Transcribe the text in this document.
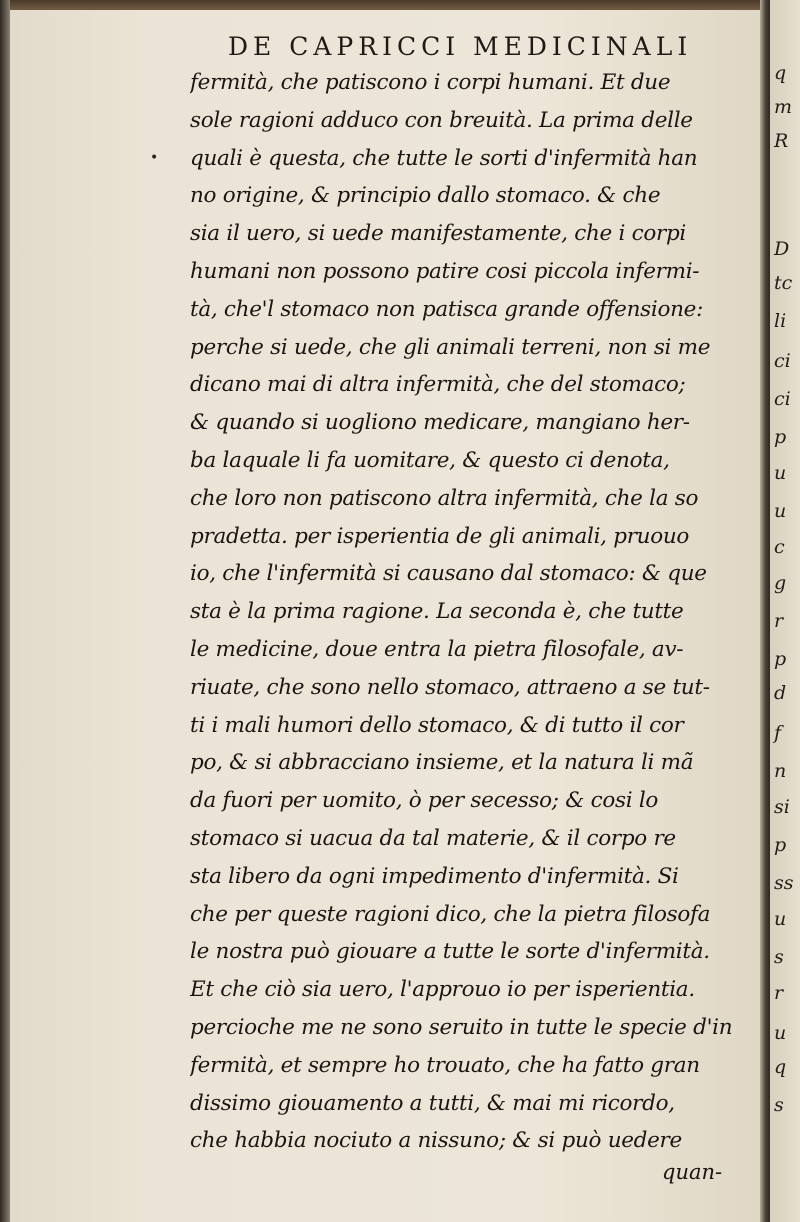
DE CAPRICCI MEDICINALI
•
fermità, che patiscono i corpi humani. Et due
sole ragioni adduco con breuità. La prima delle
quali è questa, che tutte le sorti d'infermità han
no origine, & principio dallo stomaco. & che
sia il uero, si uede manifestamente, che i corpi
humani non possono patire cosi piccola infermi-
tà, che'l stomaco non patisca grande offensione:
perche si uede, che gli animali terreni, non si me
dicano mai di altra infermità, che del stomaco;
& quando si uogliono medicare, mangiano her-
ba laquale li fa uomitare, & questo ci denota,
che loro non patiscono altra infermità, che la so
pradetta. per isperientia de gli animali, pruouo
io, che l'infermità si causano dal stomaco: & que
sta è la prima ragione. La seconda è, che tutte
le medicine, doue entra la pietra filosofale, av-
riuate, che sono nello stomaco, attraeno a se tut-
ti i mali humori dello stomaco, & di tutto il cor
po, & si abbracciano insieme, et la natura li mã
da fuori per uomito, ò per secesso; & cosi lo
stomaco si uacua da tal materie, & il corpo re
sta libero da ogni impedimento d'infermità. Si
che per queste ragioni dico, che la pietra filosofa
le nostra può giouare a tutte le sorte d'infermità.
Et che ciò sia uero, l'approuo io per isperientia.
percioche me ne sono seruito in tutte le specie d'in
fermità, et sempre ho trouato, che ha fatto gran
dissimo giouamento a tutti, & mai mi ricordo,
che habbia nociuto a nissuno; & si può uedere
quan-
q
m
R
D
tc
li
ci
ci
p
u
u
c
g
r
p
d
f
n
si
p
ss
u
s
r
u
q
s
